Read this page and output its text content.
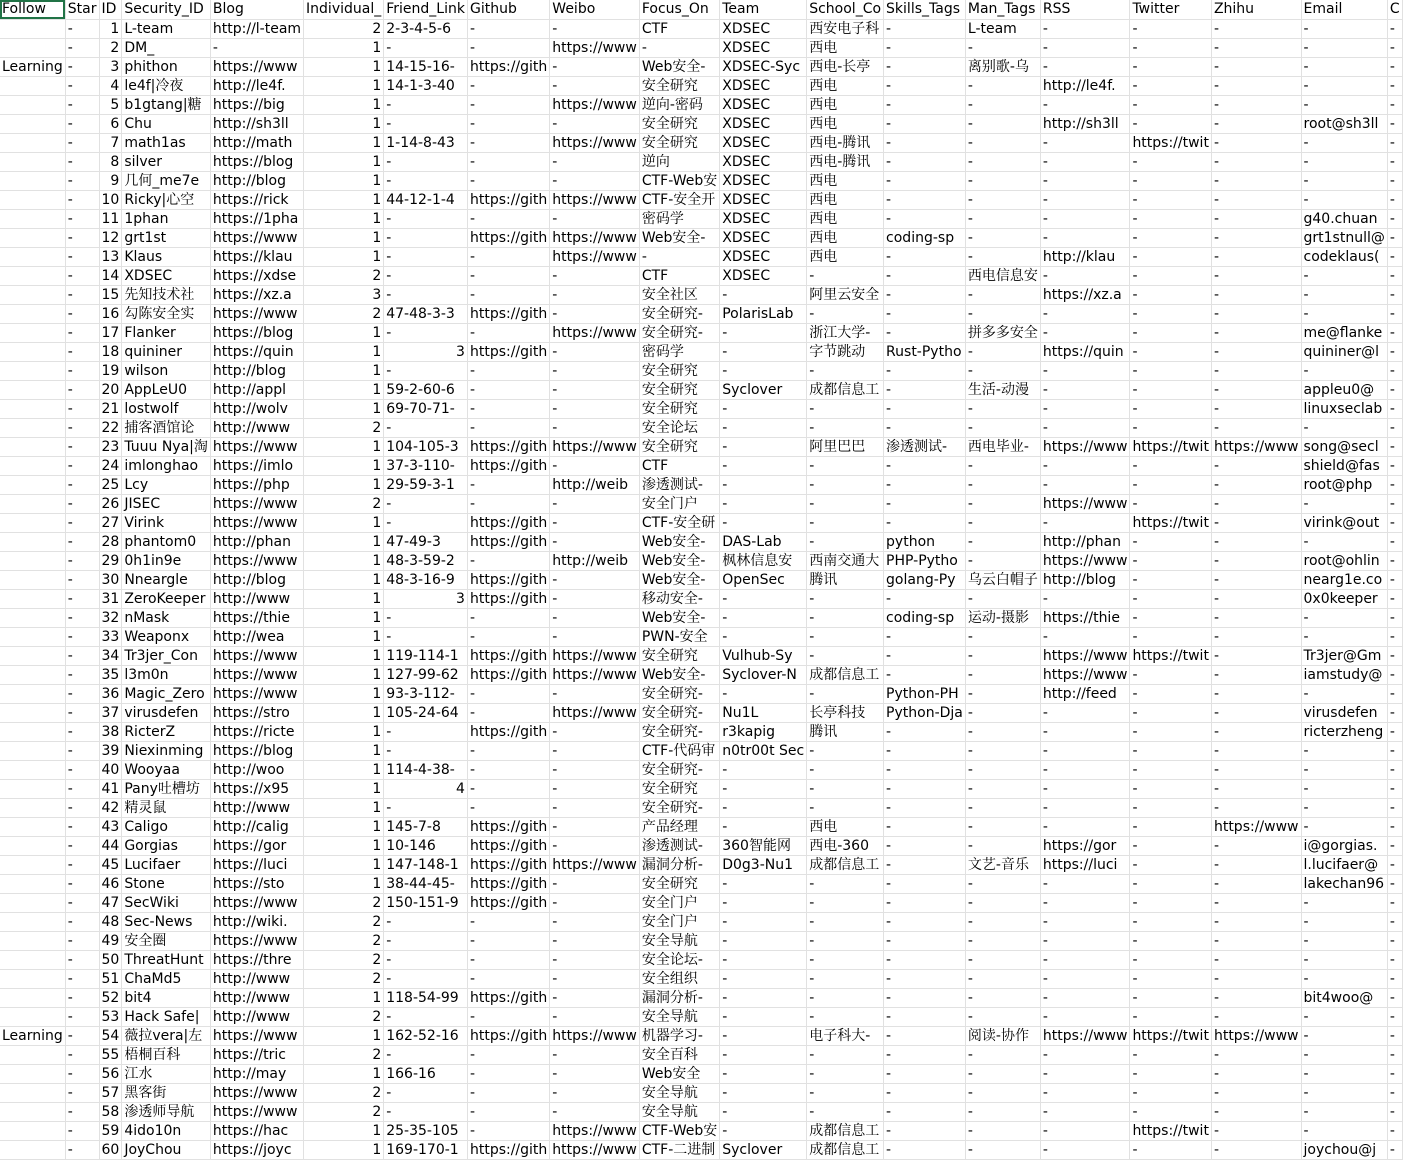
Follow	Star	ID	Security_ID	Blog	Individual_	Friend_Link	Github	Weibo	Focus_On	Team	School_Co	Skills_Tags	Man_Tags	RSS	Twitter	Zhihu	Email	C
	-	1	L-team	http://l-team	2	2-3-4-5-6	-	-	CTF	XDSEC	西安电子科	-	L-team	-	-	-	-	-
	-	2	DM_	-	1	-	-	https://www	-	XDSEC	西电	-	-	-	-	-	-	-
Learning	-	3	phithon	https://www	1	14-15-16-	https://gith	-	Web安全-	XDSEC-Syc	西电-长亭	-	离别歌-乌	-	-	-	-	-
	-	4	le4f|冷夜	http://le4f.	1	14-1-3-40	-	-	安全研究	XDSEC	西电	-	-	http://le4f.	-	-	-	-
	-	5	b1gtang|糖	https://big	1	-	-	https://www	逆向-密码	XDSEC	西电	-	-	-	-	-	-	-
	-	6	Chu	http://sh3ll	1	-	-	-	安全研究	XDSEC	西电	-	-	http://sh3ll	-	-	root@sh3ll	-
	-	7	math1as	http://math	1	1-14-8-43	-	https://www	安全研究	XDSEC	西电-腾讯	-	-	-	https://twit	-	-	-
	-	8	silver	https://blog	1	-	-	-	逆向	XDSEC	西电-腾讯	-	-	-	-	-	-	-
	-	9	几何_me7e	http://blog	1	-	-	-	CTF-Web安	XDSEC	西电	-	-	-	-	-	-	-
	-	10	Ricky|心空	https://rick	1	44-12-1-4	https://gith	https://www	CTF-安全开	XDSEC	西电	-	-	-	-	-	-	-
	-	11	1phan	https://1pha	1	-	-	-	密码学	XDSEC	西电	-	-	-	-	-	g40.chuan	-
	-	12	grt1st	https://www	1	-	https://gith	https://www	Web安全-	XDSEC	西电	coding-sp	-	-	-	-	grt1stnull@	-
	-	13	Klaus	https://klau	1	-	-	https://www	-	XDSEC	西电	-	-	http://klau	-	-	codeklaus(	-
	-	14	XDSEC	https://xdse	2	-	-	-	CTF	XDSEC	-	-	西电信息安	-	-	-	-	-
	-	15	先知技术社	https://xz.a	3	-	-	-	安全社区	-	阿里云安全	-	-	https://xz.a	-	-	-	-
	-	16	勾陈安全实	https://www	2	47-48-3-3	https://gith	-	安全研究-	PolarisLab	-	-	-	-	-	-	-	-
	-	17	Flanker	https://blog	1	-	-	https://www	安全研究-	-	浙江大学-	-	拼多多安全	-	-	-	me@flanke	-
	-	18	quininer	https://quin	1	3	https://gith	-	密码学	-	字节跳动	Rust-Pytho	-	https://quin	-	-	quininer@l	-
	-	19	wilson	http://blog	1	-	-	-	安全研究	-	-	-	-	-	-	-	-	-
	-	20	AppLeU0	http://appl	1	59-2-60-6	-	-	安全研究	Syclover	成都信息工	-	生活-动漫	-	-	-	appleu0@	-
	-	21	lostwolf	http://wolv	1	69-70-71-	-	-	安全研究	-	-	-	-	-	-	-	linuxseclab	-
	-	22	捕客酒馆论	http://www	2	-	-	-	安全论坛	-	-	-	-	-	-	-	-	-
	-	23	Tuuu Nya|淘	https://www	1	104-105-3	https://gith	https://www	安全研究	-	阿里巴巴	渗透测试-	西电毕业-	https://www	https://twit	https://www	song@secl	-
	-	24	imlonghao	https://imlo	1	37-3-110-	https://gith	-	CTF	-	-	-	-	-	-	-	shield@fas	-
	-	25	Lcy	https://php	1	29-59-3-1	-	http://weib	渗透测试-	-	-	-	-	-	-	-	root@php	-
	-	26	JISEC	https://www	2	-	-	-	安全门户	-	-	-	-	https://www	-	-	-	-
	-	27	Virink	https://www	1	-	https://gith	-	CTF-安全研	-	-	-	-	-	https://twit	-	virink@out	-
	-	28	phantom0	http://phan	1	47-49-3	https://gith	-	Web安全-	DAS-Lab	-	python	-	http://phan	-	-	-	-
	-	29	0h1in9e	https://www	1	48-3-59-2	-	http://weib	Web安全-	枫林信息安	西南交通大	PHP-Pytho	-	https://www	-	-	root@ohlin	-
	-	30	Nneargle	http://blog	1	48-3-16-9	https://gith	-	Web安全-	OpenSec	腾讯	golang-Py	乌云白帽子	http://blog	-	-	nearg1e.co	-
	-	31	ZeroKeeper	http://www	1	3	https://gith	-	移动安全-	-	-	-	-	-	-	-	0x0keeper	-
	-	32	nMask	https://thie	1	-	-	-	Web安全-	-	-	coding-sp	运动-摄影	https://thie	-	-	-	-
	-	33	Weaponx	http://wea	1	-	-	-	PWN-安全	-	-	-	-	-	-	-	-	-
	-	34	Tr3jer_Con	https://www	1	119-114-1	https://gith	https://www	安全研究	Vulhub-Sy	-	-	-	https://www	https://twit	-	Tr3jer@Gm	-
	-	35	l3m0n	https://www	1	127-99-62	https://gith	https://www	Web安全-	Syclover-N	成都信息工	-	-	https://www	-	-	iamstudy@	-
	-	36	Magic_Zero	https://www	1	93-3-112-	-	-	安全研究-	-	-	Python-PH	-	http://feed	-	-	-	-
	-	37	virusdefen	https://stro	1	105-24-64	-	https://www	安全研究-	Nu1L	长亭科技	Python-Dja	-	-	-	-	virusdefen	-
	-	38	RicterZ	https://ricte	1	-	https://gith	-	安全研究-	r3kapig	腾讯	-	-	-	-	-	ricterzheng	-
	-	39	Niexinming	https://blog	1	-	-	-	CTF-代码审	n0tr00t Sec	-	-	-	-	-	-	-	-
	-	40	Wooyaa	http://woo	1	114-4-38-	-	-	安全研究-	-	-	-	-	-	-	-	-	-
	-	41	Pany吐槽坊	https://x95	1	4	-	-	安全研究	-	-	-	-	-	-	-	-	-
	-	42	精灵鼠	http://www	1	-	-	-	安全研究-	-	-	-	-	-	-	-	-	-
	-	43	Caligo	http://calig	1	145-7-8	https://gith	-	产品经理	-	西电	-	-	-	-	https://www	-	-
	-	44	Gorgias	https://gor	1	10-146	https://gith	-	渗透测试-	360智能网	西电-360	-	-	https://gor	-	-	i@gorgias.	-
	-	45	Lucifaer	https://luci	1	147-148-1	https://gith	https://www	漏洞分析-	D0g3-Nu1	成都信息工	-	文艺-音乐	https://luci	-	-	l.lucifaer@	-
	-	46	Stone	https://sto	1	38-44-45-	https://gith	-	安全研究	-	-	-	-	-	-	-	lakechan96	-
	-	47	SecWiki	https://www	2	150-151-9	https://gith	-	安全门户	-	-	-	-	-	-	-	-	-
	-	48	Sec-News	http://wiki.	2	-	-	-	安全门户	-	-	-	-	-	-	-	-	-
	-	49	安全圈	https://www	2	-	-	-	安全导航	-	-	-	-	-	-	-	-	-
	-	50	ThreatHunt	https://thre	2	-	-	-	安全论坛-	-	-	-	-	-	-	-	-	-
	-	51	ChaMd5	http://www	2	-	-	-	安全组织	-	-	-	-	-	-	-	-	-
	-	52	bit4	http://www	1	118-54-99	https://gith	-	漏洞分析-	-	-	-	-	-	-	-	bit4woo@	-
	-	53	Hack Safe|	http://www	2	-	-	-	安全导航	-	-	-	-	-	-	-	-	-
Learning	-	54	薇拉vera|左	https://www	1	162-52-16	https://gith	https://www	机器学习-	-	电子科大-	-	阅读-协作	https://www	https://twit	https://www	-	-
	-	55	梧桐百科	https://tric	2	-	-	-	安全百科	-	-	-	-	-	-	-	-	-
	-	56	江水	http://may	1	166-16	-	-	Web安全	-	-	-	-	-	-	-	-	-
	-	57	黑客街	https://www	2	-	-	-	安全导航	-	-	-	-	-	-	-	-	-
	-	58	渗透师导航	https://www	2	-	-	-	安全导航	-	-	-	-	-	-	-	-	-
	-	59	4ido10n	https://hac	1	25-35-105	-	https://www	CTF-Web安	-	成都信息工	-	-	-	https://twit	-	-	-
	-	60	JoyChou	https://joyc	1	169-170-1	https://gith	https://www	CTF-二进制	Syclover	成都信息工	-	-	-	-	-	joychou@j	-
